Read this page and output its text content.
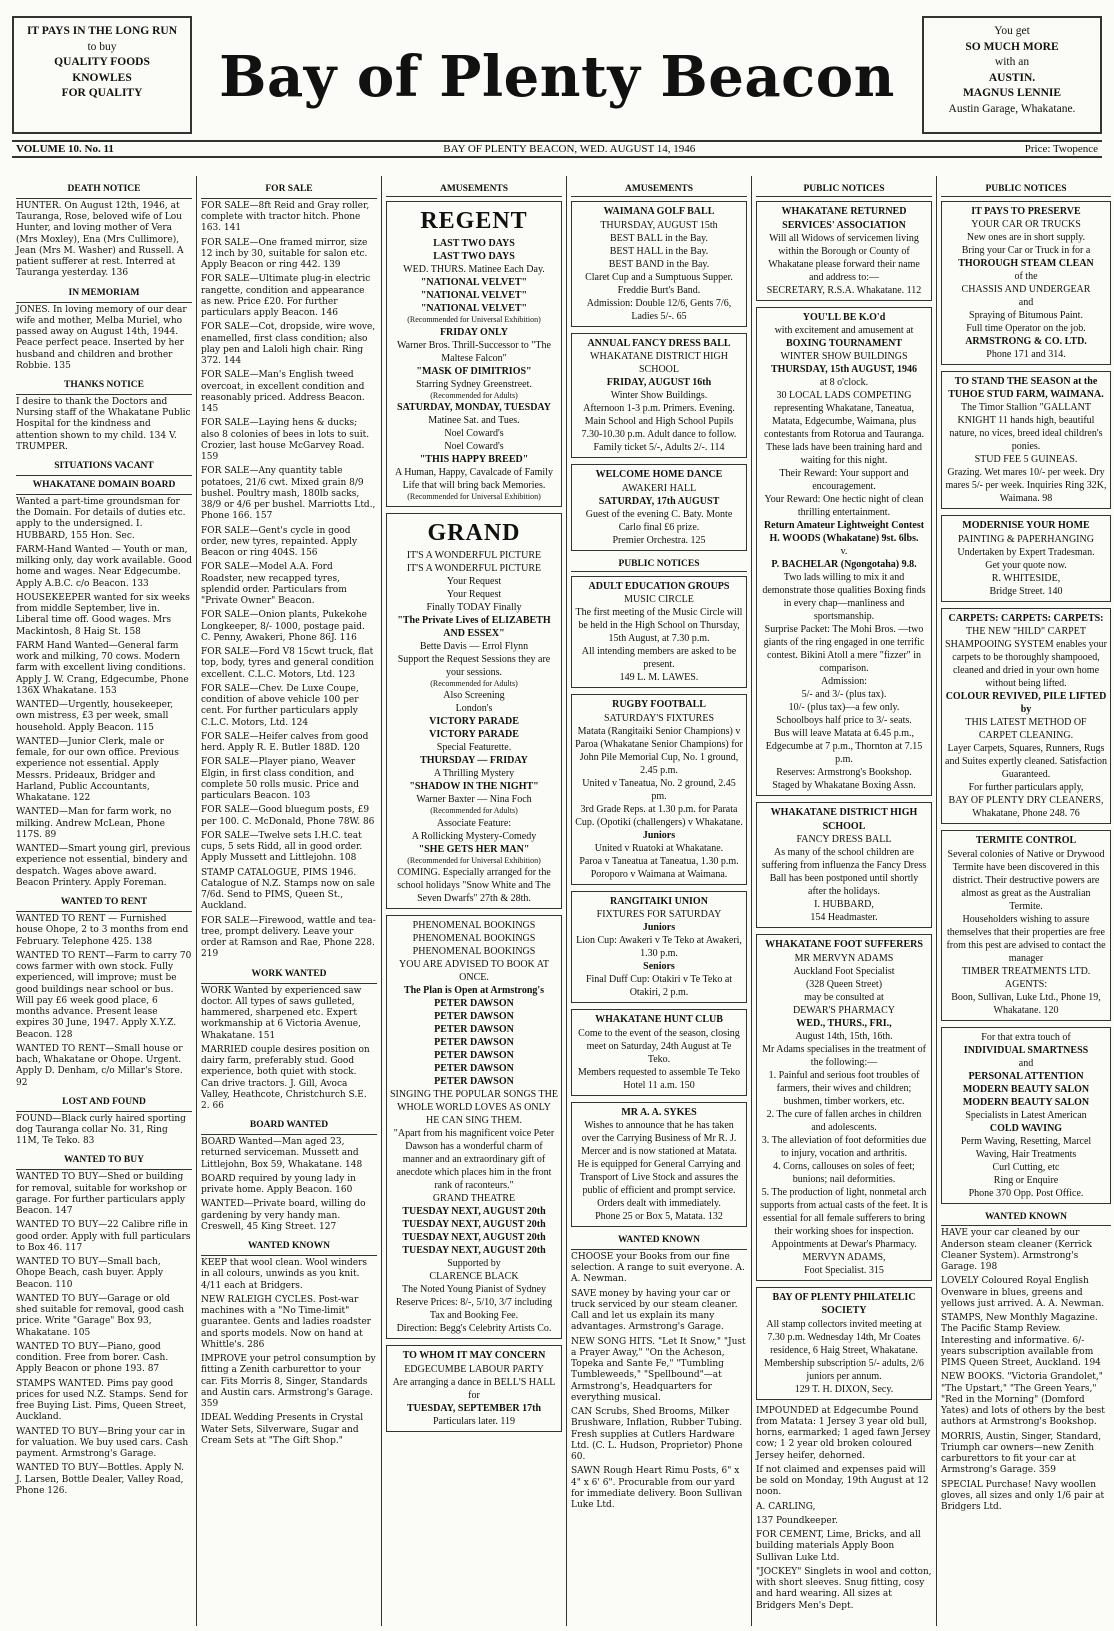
IT PAYS IN THE LONG RUN
to buy
QUALITY FOODS
KNOWLES
FOR QUALITY	Bay of Plenty Beacon
You get
SO MUCH MORE
with an
AUSTIN.
MAGNUS LENNIE
Austin Garage, Whakatane.
VOLUME 10. No. 11	BAY OF PLENTY BEACON, WED. AUGUST 14, 1946	Price: Twopence
DEATH NOTICE

HUNTER. On August 12th, 1946, at Tauranga, Rose, beloved wife of Lou Hunter, and loving mother of Vera (Mrs Moxley), Ena (Mrs Cullimore), Jean (Mrs M. Washer) and Russell. A patient sufferer at rest. Interred at Tauranga yesterday. 136

IN MEMORIAM

JONES. In loving memory of our dear wife and mother, Melba Muriel, who passed away on August 14th, 1944. Peace perfect peace. Inserted by her husband and children and brother Robbie. 135

THANKS NOTICE

I desire to thank the Doctors and Nursing staff of the Whakatane Public Hospital for the kindness and attention shown to my child. 134 V. TRUMPER.

SITUATIONS VACANT
WHAKATANE DOMAIN BOARD

Wanted a part-time groundsman for the Domain. For details of duties etc. apply to the undersigned. I. HUBBARD, 155 Hon. Sec.

FARM-Hand Wanted — Youth or man, milking only, day work available. Good home and wages. Near Edgecumbe. Apply A.B.C. c/o Beacon. 133

HOUSEKEEPER wanted for six weeks from middle September, live in. Liberal time off. Good wages. Mrs Mackintosh, 8 Haig St. 158

FARM Hand Wanted—General farm work and milking, 70 cows. Modern farm with excellent living conditions. Apply J. W. Crang, Edgecumbe, Phone 136X Whakatane. 153

WANTED—Urgently, housekeeper, own mistress, £3 per week, small household. Apply Beacon. 115

WANTED—Junior Clerk, male or female, for our own office. Previous experience not essential. Apply Messrs. Prideaux, Bridger and Harland, Public Accountants, Whakatane. 122

WANTED—Man for farm work, no milking. Andrew McLean, Phone 117S. 89

WANTED—Smart young girl, previous experience not essential, bindery and despatch. Wages above award. Beacon Printery. Apply Foreman.

WANTED TO RENT

WANTED TO RENT — Furnished house Ohope, 2 to 3 months from end February. Telephone 425. 138

WANTED TO RENT—Farm to carry 70 cows farmer with own stock. Fully experienced, will improve; must be good buildings near school or bus. Will pay £6 week good place, 6 months advance. Present lease expires 30 June, 1947. Apply X.Y.Z. Beacon. 128

WANTED TO RENT—Small house or bach, Whakatane or Ohope. Urgent. Apply D. Denham, c/o Millar's Store. 92

LOST AND FOUND

FOUND—Black curly haired sporting dog Tauranga collar No. 31, Ring 11M, Te Teko. 83

WANTED TO BUY

WANTED TO BUY—Shed or building for removal, suitable for workshop or garage. For further particulars apply Beacon. 147

WANTED TO BUY—22 Calibre rifle in good order. Apply with full particulars to Box 46. 117

WANTED TO BUY—Small bach, Ohope Beach, cash buyer. Apply Beacon. 110

WANTED TO BUY—Garage or old shed suitable for removal, good cash price. Write "Garage" Box 93, Whakatane. 105

WANTED TO BUY—Piano, good condition. Free from borer. Cash. Apply Beacon or phone 193. 87

STAMPS WANTED. Pims pay good prices for used N.Z. Stamps. Send for free Buying List. Pims, Queen Street, Auckland.

WANTED TO BUY—Bring your car in for valuation. We buy used cars. Cash payment. Armstrong's Garage.

WANTED TO BUY—Bottles. Apply N. J. Larsen, Bottle Dealer, Valley Road, Phone 126.

FOR SALE

FOR SALE—8ft Reid and Gray roller, complete with tractor hitch. Phone 163. 141

FOR SALE—One framed mirror, size 12 inch by 30, suitable for salon etc. Apply Beacon or ring 442. 139

FOR SALE—Ultimate plug-in electric rangette, condition and appearance as new. Price £20. For further particulars apply Beacon. 146

FOR SALE—Cot, dropside, wire wove, enamelled, first class condition; also play pen and Laloli high chair. Ring 372. 144

FOR SALE—Man's English tweed overcoat, in excellent condition and reasonably priced. Address Beacon. 145

FOR SALE—Laying hens & ducks; also 8 colonies of bees in lots to suit. Crozier, last house McGarvey Road. 159

FOR SALE—Any quantity table potatoes, 21/6 cwt. Mixed grain 8/9 bushel. Poultry mash, 180lb sacks, 38/9 or 4/6 per bushel. Marriotts Ltd., Phone 166. 157

FOR SALE—Gent's cycle in good order, new tyres, repainted. Apply Beacon or ring 404S. 156

FOR SALE—Model A.A. Ford Roadster, new recapped tyres, splendid order. Particulars from "Private Owner" Beacon.

FOR SALE—Onion plants, Pukekohe Longkeeper, 8/- 1000, postage paid. C. Penny, Awakeri, Phone 86J. 116

FOR SALE—Ford V8 15cwt truck, flat top, body, tyres and general condition excellent. C.L.C. Motors, Ltd. 123

FOR SALE—Chev. De Luxe Coupe, condition of above vehicle 100 per cent. For further particulars apply C.L.C. Motors, Ltd. 124

FOR SALE—Heifer calves from good herd. Apply R. E. Butler 188D. 120

FOR SALE—Player piano, Weaver Elgin, in first class condition, and complete 50 rolls music. Price and particulars Beacon. 103

FOR SALE—Good bluegum posts, £9 per 100. C. McDonald, Phone 78W. 86

FOR SALE—Twelve sets I.H.C. teat cups, 5 sets Ridd, all in good order. Apply Mussett and Littlejohn. 108

STAMP CATALOGUE, PIMS 1946. Catalogue of N.Z. Stamps now on sale 7/6d. Send to PIMS, Queen St., Auckland.

FOR SALE—Firewood, wattle and tea-tree, prompt delivery. Leave your order at Ramson and Rae, Phone 228. 219

WORK WANTED

WORK Wanted by experienced saw doctor. All types of saws gulleted, hammered, sharpened etc. Expert workmanship at 6 Victoria Avenue, Whakatane. 151

MARRIED couple desires position on dairy farm, preferably stud. Good experience, both quiet with stock. Can drive tractors. J. Gill, Avoca Valley, Heathcote, Christchurch S.E. 2. 66

BOARD WANTED

BOARD Wanted—Man aged 23, returned serviceman. Mussett and Littlejohn, Box 59, Whakatane. 148

BOARD required by young lady in private home. Apply Beacon. 160

WANTED—Private board, willing do gardening by very handy man. Creswell, 45 King Street. 127

WANTED KNOWN

KEEP that wool clean. Wool winders in all colours, unwinds as you knit. 4/11 each at Bridgers.

NEW RALEIGH CYCLES. Post-war machines with a "No Time-limit" guarantee. Gents and ladies roadster and sports models. Now on hand at Whittle's. 286

IMPROVE your petrol consumption by fitting a Zenith carburettor to your car. Fits Morris 8, Singer, Standards and Austin cars. Armstrong's Garage. 359

IDEAL Wedding Presents in Crystal Water Sets, Silverware, Sugar and Cream Sets at "The Gift Shop."

AMUSEMENTS
REGENT
LAST TWO DAYS
LAST TWO DAYS
WED. THURS. Matinee Each Day.
"NATIONAL VELVET"
"NATIONAL VELVET"
"NATIONAL VELVET"
(Recommended for Universal Exhibition)
FRIDAY ONLY
Warner Bros. Thrill-Successor to "The Maltese Falcon"
"MASK OF DIMITRIOS"
Starring Sydney Greenstreet.
(Recommended for Adults)
SATURDAY, MONDAY, TUESDAY
Matinee Sat. and Tues.
Noel Coward's
Noel Coward's
"THIS HAPPY BREED"
A Human, Happy, Cavalcade of Family Life that will bring back Memories.
(Recommended for Universal Exhibition)
GRAND
IT'S A WONDERFUL PICTURE
IT'S A WONDERFUL PICTURE
Your Request
Your Request
Finally TODAY Finally
"The Private Lives of ELIZABETH AND ESSEX"
Bette Davis — Errol Flynn
Support the Request Sessions they are your sessions.
(Recommended for Adults)
Also Screening
London's
VICTORY PARADE
VICTORY PARADE
Special Featurette.
THURSDAY — FRIDAY
A Thrilling Mystery
"SHADOW IN THE NIGHT"
Warner Baxter — Nina Foch
(Recommended for Adults)
Associate Feature:
A Rollicking Mystery-Comedy
"SHE GETS HER MAN"
(Recommended for Universal Exhibition)
COMING. Especially arranged for the school holidays "Snow White and The Seven Dwarfs" 27th & 28th.
PHENOMENAL BOOKINGS
PHENOMENAL BOOKINGS
PHENOMENAL BOOKINGS
YOU ARE ADVISED TO BOOK AT ONCE.
The Plan is Open at Armstrong's
PETER DAWSON
PETER DAWSON
PETER DAWSON
PETER DAWSON
PETER DAWSON
PETER DAWSON
PETER DAWSON
SINGING THE POPULAR SONGS THE WHOLE WORLD LOVES AS ONLY HE CAN SING THEM.
"Apart from his magnificent voice Peter Dawson has a wonderful charm of manner and an extraordinary gift of anecdote which places him in the front rank of raconteurs."
GRAND THEATRE
TUESDAY NEXT, AUGUST 20th
TUESDAY NEXT, AUGUST 20th
TUESDAY NEXT, AUGUST 20th
TUESDAY NEXT, AUGUST 20th
Supported by
CLARENCE BLACK
The Noted Young Pianist of Sydney
Reserve Prices: 8/-, 5/10, 3/7 including Tax and Booking Fee.
Direction: Begg's Celebrity Artists Co.
TO WHOM IT MAY CONCERN
EDGECUMBE LABOUR PARTY
Are arranging a dance in BELL'S HALL for
TUESDAY, SEPTEMBER 17th
Particulars later. 119
AMUSEMENTS
WAIMANA GOLF BALL
THURSDAY, AUGUST 15th
BEST BALL in the Bay.
BEST HALL in the Bay.
BEST BAND in the Bay.
Claret Cup and a Sumptuous Supper.
Freddie Burt's Band.
Admission: Double 12/6, Gents 7/6, Ladies 5/-. 65
ANNUAL FANCY DRESS BALL
WHAKATANE DISTRICT HIGH SCHOOL
FRIDAY, AUGUST 16th
Winter Show Buildings.
Afternoon 1-3 p.m. Primers. Evening. Main School and High School Pupils 7.30-10.30 p.m. Adult dance to follow.
Family ticket 5/-, Adults 2/-. 114
WELCOME HOME DANCE
AWAKERI HALL
SATURDAY, 17th AUGUST
Guest of the evening C. Baty. Monte Carlo final £6 prize.
Premier Orchestra. 125
PUBLIC NOTICES
ADULT EDUCATION GROUPS
MUSIC CIRCLE
The first meeting of the Music Circle will be held in the High School on Thursday, 15th August, at 7.30 p.m.
All intending members are asked to be present.
149 L. M. LAWES.
RUGBY FOOTBALL
SATURDAY'S FIXTURES
Matata (Rangitaiki Senior Champions) v Paroa (Whakatane Senior Champions) for John Pile Memorial Cup, No. 1 ground, 2.45 p.m.
United v Taneatua, No. 2 ground, 2.45 pm.
3rd Grade Reps. at 1.30 p.m. for Parata Cup. (Opotiki (challengers) v Whakatane.
Juniors
United v Ruatoki at Whakatane.
Paroa v Taneatua at Taneatua, 1.30 p.m.
Poroporo v Waimana at Waimana.
RANGITAIKI UNION
FIXTURES FOR SATURDAY
Juniors
Lion Cup: Awakeri v Te Teko at Awakeri, 1.30 p.m.
Seniors
Final Duff Cup: Otakiri v Te Teko at Otakiri, 2 p.m.
WHAKATANE HUNT CLUB
Come to the event of the season, closing meet on Saturday, 24th August at Te Teko.
Members requested to assemble Te Teko Hotel 11 a.m. 150
MR A. A. SYKES
Wishes to announce that he has taken over the Carrying Business of Mr R. J. Mercer and is now stationed at Matata.
He is equipped for General Carrying and Transport of Live Stock and assures the public of efficient and prompt service. Orders dealt with immediately.
Phone 25 or Box 5, Matata. 132
WANTED KNOWN

CHOOSE your Books from our fine selection. A range to suit everyone. A. A. Newman.

SAVE money by having your car or truck serviced by our steam cleaner. Call and let us explain its many advantages. Armstrong's Garage.

NEW SONG HITS. "Let It Snow," "Just a Prayer Away," "On the Acheson, Topeka and Sante Fe," "Tumbling Tumbleweeds," "Spellbound"—at Armstrong's, Headquarters for everything musical.

CAN Scrubs, Shed Brooms, Milker Brushware, Inflation, Rubber Tubing. Fresh supplies at Cutlers Hardware Ltd. (C. L. Hudson, Proprietor) Phone 60.

SAWN Rough Heart Rimu Posts, 6" x 4" x 6' 6". Procurable from our yard for immediate delivery. Boon Sullivan Luke Ltd.

PUBLIC NOTICES
WHAKATANE RETURNED SERVICES' ASSOCIATION
Will all Widows of servicemen living within the Borough or County of Whakatane please forward their name and address to:—
SECRETARY, R.S.A. Whakatane. 112
YOU'LL BE K.O'd
with excitement and amusement at
BOXING TOURNAMENT
WINTER SHOW BUILDINGS
THURSDAY, 15th AUGUST, 1946
at 8 o'clock.
30 LOCAL LADS COMPETING representing Whakatane, Taneatua, Matata, Edgecumbe, Waimana, plus contestants from Rotorua and Tauranga.
These lads have been training hard and waiting for this night.
Their Reward: Your support and encouragement.
Your Reward: One hectic night of clean thrilling entertainment.
Return Amateur Lightweight Contest
H. WOODS (Whakatane) 9st. 6lbs.
v.
P. BACHELAR (Ngongotaha) 9.8.
Two lads willing to mix it and demonstrate those qualities Boxing finds in every chap—manliness and sportsmanship.
Surprise Packet: The Mohi Bros. —two giants of the ring engaged in one terrific contest. Bikini Atoll a mere "fizzer" in comparison.
Admission:
5/- and 3/- (plus tax).
10/- (plus tax)—a few only.
Schoolboys half price to 3/- seats.
Bus will leave Matata at 6.45 p.m., Edgecumbe at 7 p.m., Thornton at 7.15 p.m.
Reserves: Armstrong's Bookshop.
Staged by Whakatane Boxing Assn.
WHAKATANE DISTRICT HIGH SCHOOL
FANCY DRESS BALL
As many of the school children are suffering from influenza the Fancy Dress Ball has been postponed until shortly after the holidays.
I. HUBBARD,
154 Headmaster.
WHAKATANE FOOT SUFFERERS
MR MERVYN ADAMS
Auckland Foot Specialist
(328 Queen Street)
may be consulted at
DEWAR'S PHARMACY
WED., THURS., FRI.,
August 14th, 15th, 16th.
Mr Adams specialises in the treatment of the following:—
1. Painful and serious foot troubles of farmers, their wives and children; bushmen, timber workers, etc.
2. The cure of fallen arches in children and adolescents.
3. The alleviation of foot deformities due to injury, vocation and arthritis.
4. Corns, callouses on soles of feet; bunions; nail deformities.
5. The production of light, nonmetal arch supports from actual casts of the feet. It is essential for all female sufferers to bring their working shoes for inspection.
Appointments at Dewar's Pharmacy.
MERVYN ADAMS,
Foot Specialist. 315
BAY OF PLENTY PHILATELIC SOCIETY
All stamp collectors invited meeting at 7.30 p.m. Wednesday 14th, Mr Coates residence, 6 Haig Street, Whakatane. Membership subscription 5/- adults, 2/6 juniors per annum.
129 T. H. DIXON, Secy.

IMPOUNDED at Edgecumbe Pound from Matata: 1 Jersey 3 year old bull, horns, earmarked; 1 aged fawn Jersey cow; 1 2 year old broken coloured Jersey heifer, dehorned.

If not claimed and expenses paid will be sold on Monday, 19th August at 12 noon.

A. CARLING,

137 Poundkeeper.

FOR CEMENT, Lime, Bricks, and all building materials Apply Boon Sullivan Luke Ltd.

"JOCKEY" Singlets in wool and cotton, with short sleeves. Snug fitting, cosy and hard wearing. All sizes at Bridgers Men's Dept.

PUBLIC NOTICES
IT PAYS TO PRESERVE
YOUR CAR OR TRUCKS
New ones are in short supply.
Bring your Car or Truck in for a
THOROUGH STEAM CLEAN
of the
CHASSIS AND UNDERGEAR
and
Spraying of Bitumous Paint.
Full time Operator on the job.
ARMSTRONG & CO. LTD.
Phone 171 and 314.
TO STAND THE SEASON at the
TUHOE STUD FARM, WAIMANA.
The Timor Stallion "GALLANT KNIGHT 11 hands high, beautiful nature, no vices, breed ideal children's ponies.
STUD FEE 5 GUINEAS.
Grazing. Wet mares 10/- per week. Dry mares 5/- per week. Inquiries Ring 32K, Waimana. 98
MODERNISE YOUR HOME
PAINTING & PAPERHANGING
Undertaken by Expert Tradesman.
Get your quote now.
R. WHITESIDE,
Bridge Street. 140
CARPETS: CARPETS: CARPETS:
THE NEW "HILD" CARPET SHAMPOOING SYSTEM enables your carpets to be thoroughly shampooed, cleaned and dried in your own home without being lifted.
COLOUR REVIVED, PILE LIFTED by
THIS LATEST METHOD OF CARPET CLEANING.
Layer Carpets, Squares, Runners, Rugs and Suites expertly cleaned. Satisfaction Guaranteed.
For further particulars apply,
BAY OF PLENTY DRY CLEANERS,
Whakatane, Phone 248. 76
TERMITE CONTROL
Several colonies of Native or Drywood Termite have been discovered in this district. Their destructive powers are almost as great as the Australian Termite.
Householders wishing to assure themselves that their properties are free from this pest are advised to contact the manager
TIMBER TREATMENTS LTD.
AGENTS:
Boon, Sullivan, Luke Ltd., Phone 19, Whakatane. 120
For that extra touch of
INDIVIDUAL SMARTNESS
and
PERSONAL ATTENTION
MODERN BEAUTY SALON
MODERN BEAUTY SALON
Specialists in Latest American
COLD WAVING
Perm Waving, Resetting, Marcel Waving, Hair Treatments
Curl Cutting, etc
Ring or Enquire
Phone 370 Opp. Post Office.
WANTED KNOWN

HAVE your car cleaned by our Anderson steam cleaner (Kerrick Cleaner System). Armstrong's Garage. 198

LOVELY Coloured Royal English Ovenware in blues, greens and yellows just arrived. A. A. Newman.

STAMPS, New Monthly Magazine. The Pacific Stamp Review. Interesting and informative. 6/- years subscription available from PIMS Queen Street, Auckland. 194

NEW BOOKS. "Victoria Grandolet," "The Upstart," "The Green Years," "Red in the Morning" (Domford Yates) and lots of others by the best authors at Armstrong's Bookshop.

MORRIS, Austin, Singer, Standard, Triumph car owners—new Zenith carburettors to fit your car at Armstrong's Garage. 359

SPECIAL Purchase! Navy woollen gloves, all sizes and only 1/6 pair at Bridgers Ltd.
